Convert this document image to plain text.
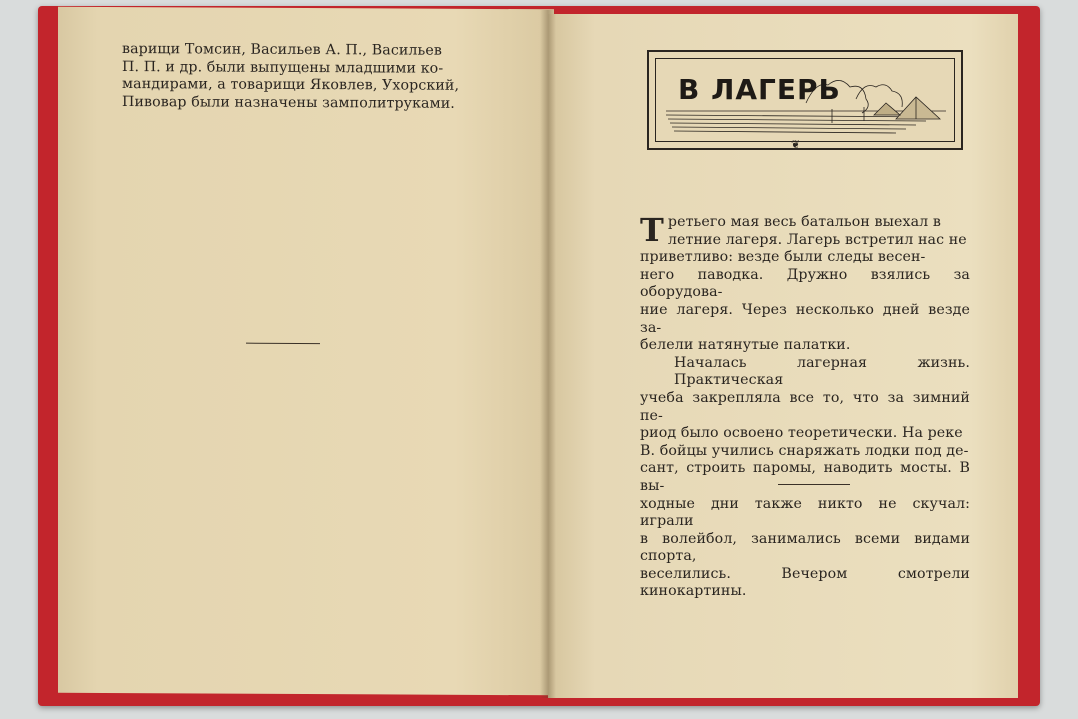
варищи Томсин, Васильев А. П., Васильев
П. П. и др. были выпущены младшими ко-
мандирами, а товарищи Яковлев, Ухорский,
Пивовар были назначены замполитруками.	В ЛАГЕРЬ
❦

Т ретьего мая весь батальон выехал в
летние лагеря. Лагерь встретил нас не
приветливо: везде были следы весен-
него паводка. Дружно взялись за оборудова-
ние лагеря. Через несколько дней везде за-
белели натянутые палатки.

Началась лагерная жизнь. Практическая
учеба закрепляла все то, что за зимний пе-
риод было освоено теоретически. На реке
В. бойцы учились снаряжать лодки под де-
сант, строить паромы, наводить мосты. В вы-
ходные дни также никто не скучал: играли
в волейбол, занимались всеми видами спорта,
веселились. Вечером смотрели кинокартины.
